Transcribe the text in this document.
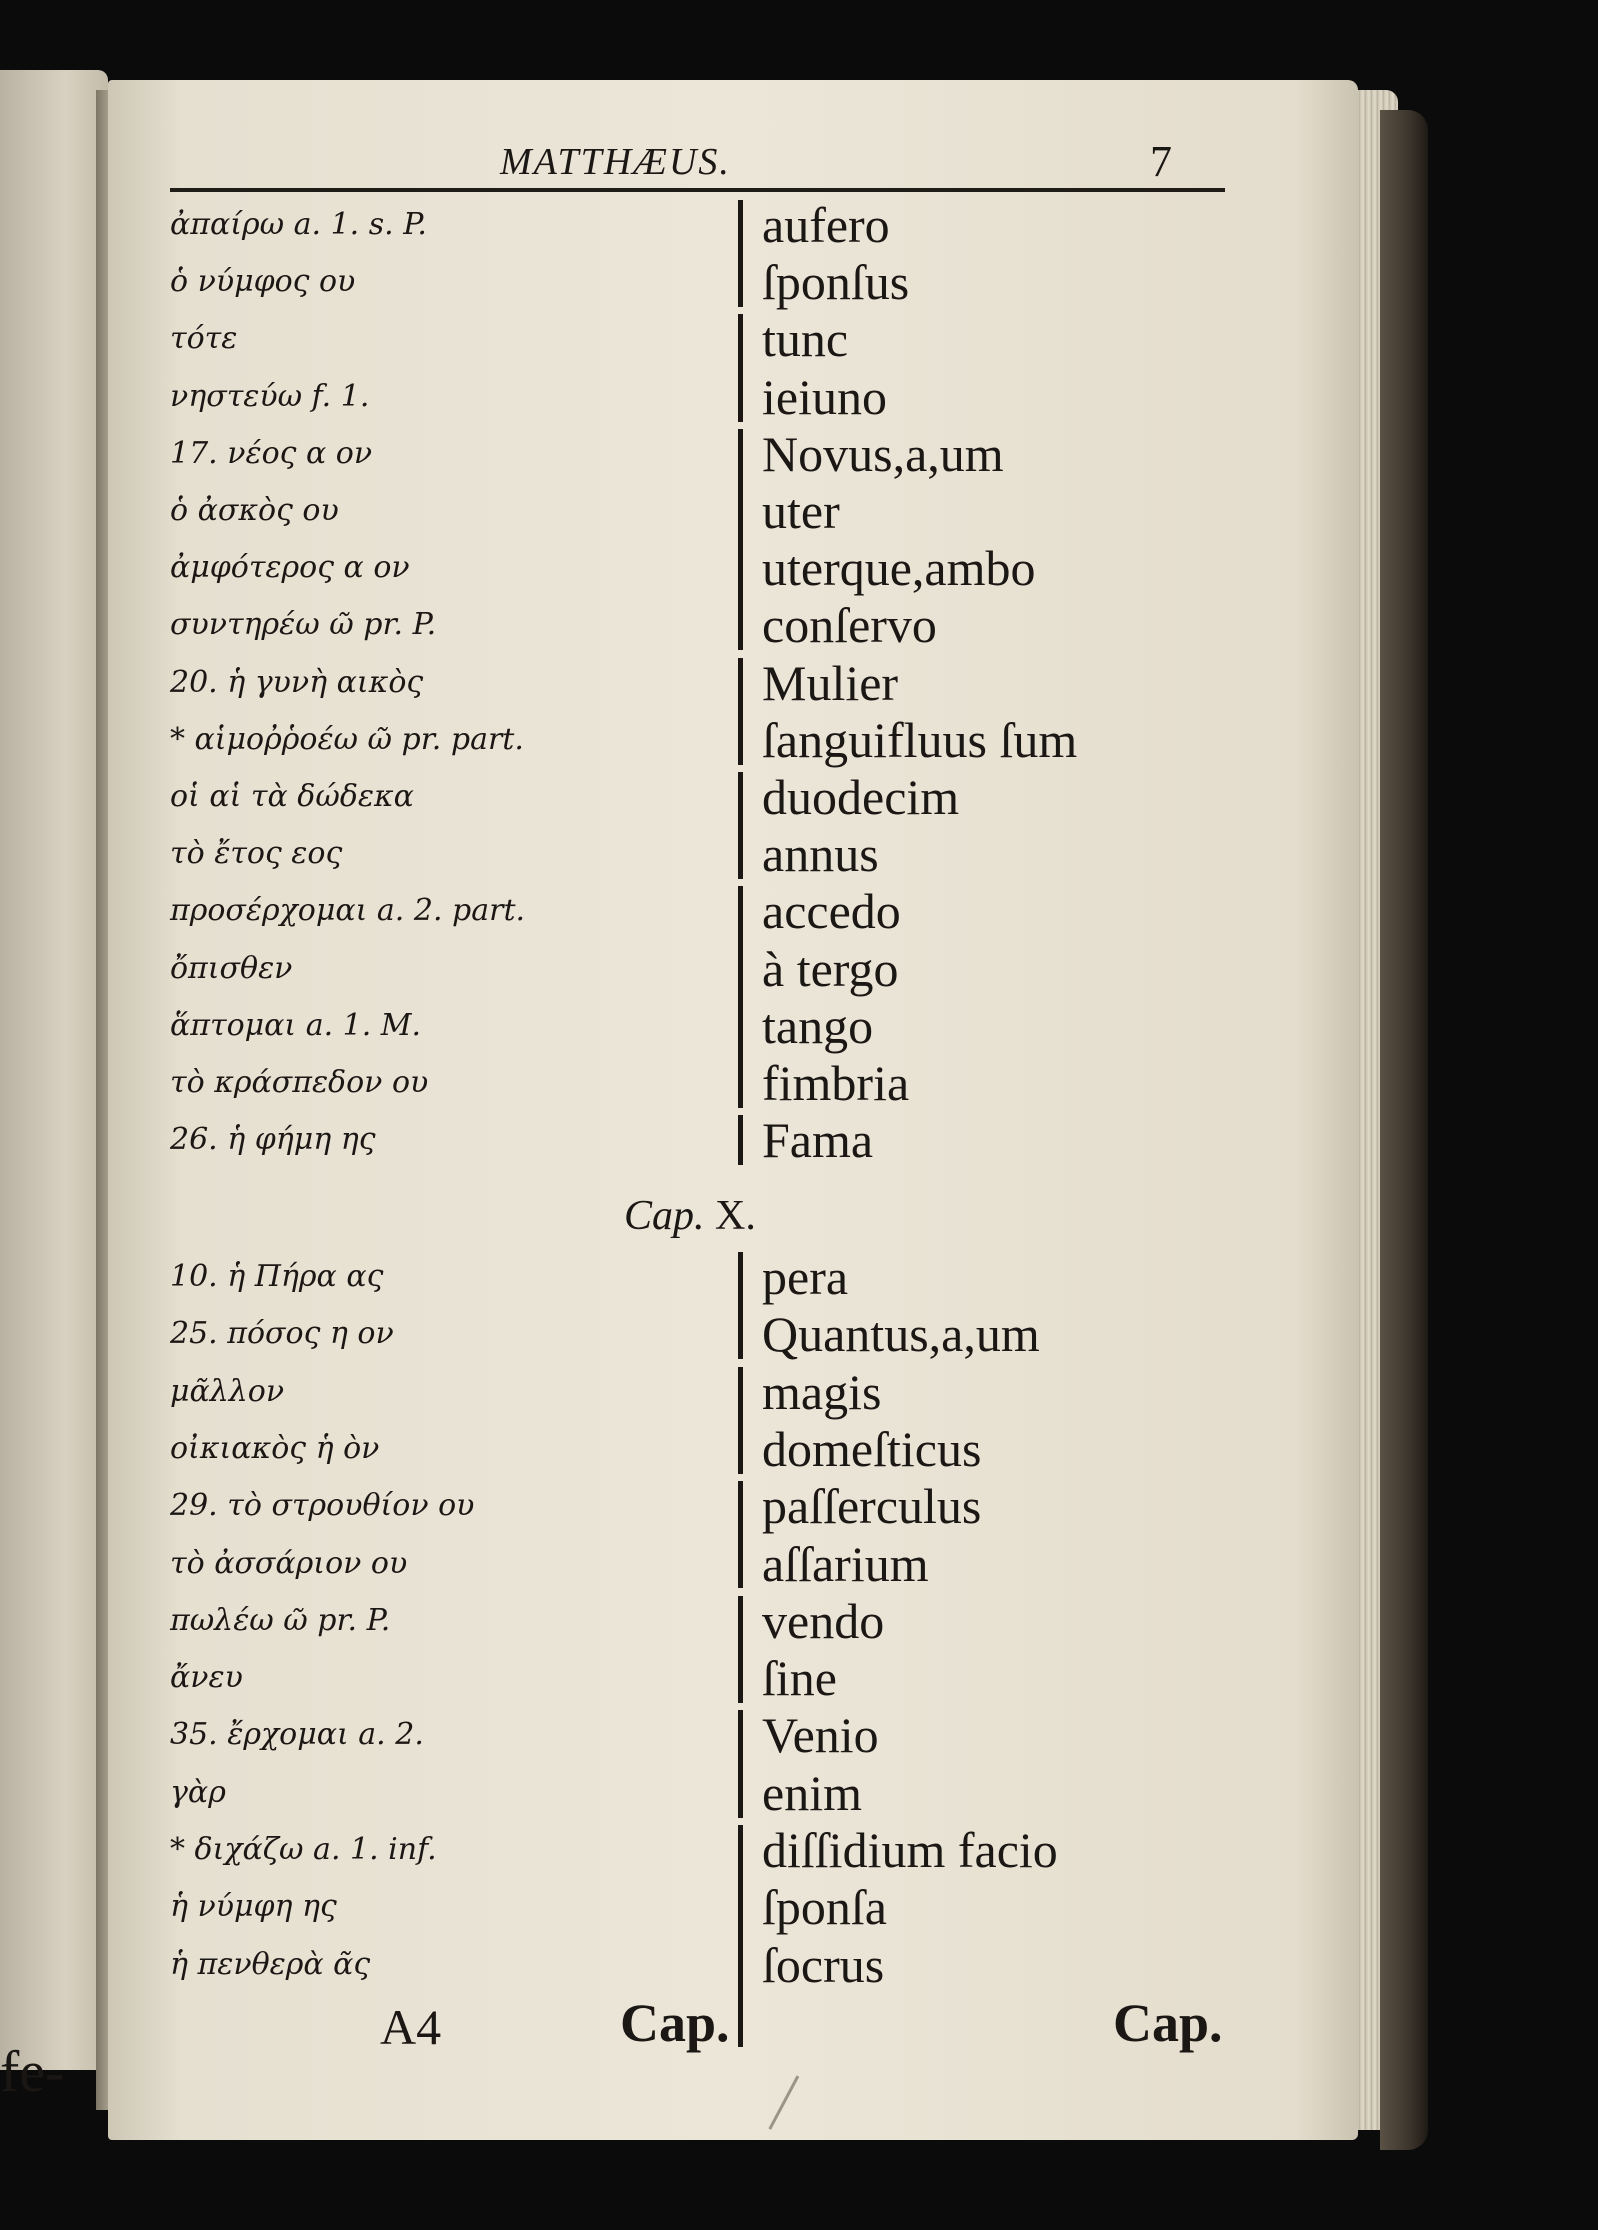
fe-
MATTHÆUS.	7
ἀπαίρω a. 1. s. P.	aufero
ὁ νύμφος ου	ſponſus
τότε	tunc
νηστεύω f. 1.	ieiuno
17. νέος α ον	Novus,a,um
ὁ ἀσκὸς ου	uter
ἀμφότερος α ον	uterque,ambo
συντηρέω ῶ pr. P.	conſervo
20. ἡ γυνὴ αικὸς	Mulier
* αἱμοῤῥοέω ῶ pr. part.	ſanguifluus ſum
οἱ αἱ τὰ δώδεκα	duodecim
τὸ ἔτος εος	annus
προσέρχομαι a. 2. part.	accedo
ὄπισθεν	à tergo
ἅπτομαι a. 1. M.	tango
τὸ κράσπεδον ου	fimbria
26. ἡ φήμη ης	Fama
Cap. X.
10. ἡ Πήρα ας	pera
25. πόσος η ον	Quantus,a,um
μᾶλλον	magis
οἰκιακὸς ἡ ὸν	domeſticus
29. τὸ στρουθίον ου	paſſerculus
τὸ ἀσσάριον ου	aſſarium
πωλέω ῶ pr. P.	vendo
ἄνευ	ſine
35. ἔρχομαι a. 2.	Venio
γὰρ	enim
* διχάζω a. 1. inf.	diſſidium facio
ἡ νύμφη ης	ſponſa
ἡ πενθερὰ ᾶς	ſocrus
A4	Cap.	Cap.
